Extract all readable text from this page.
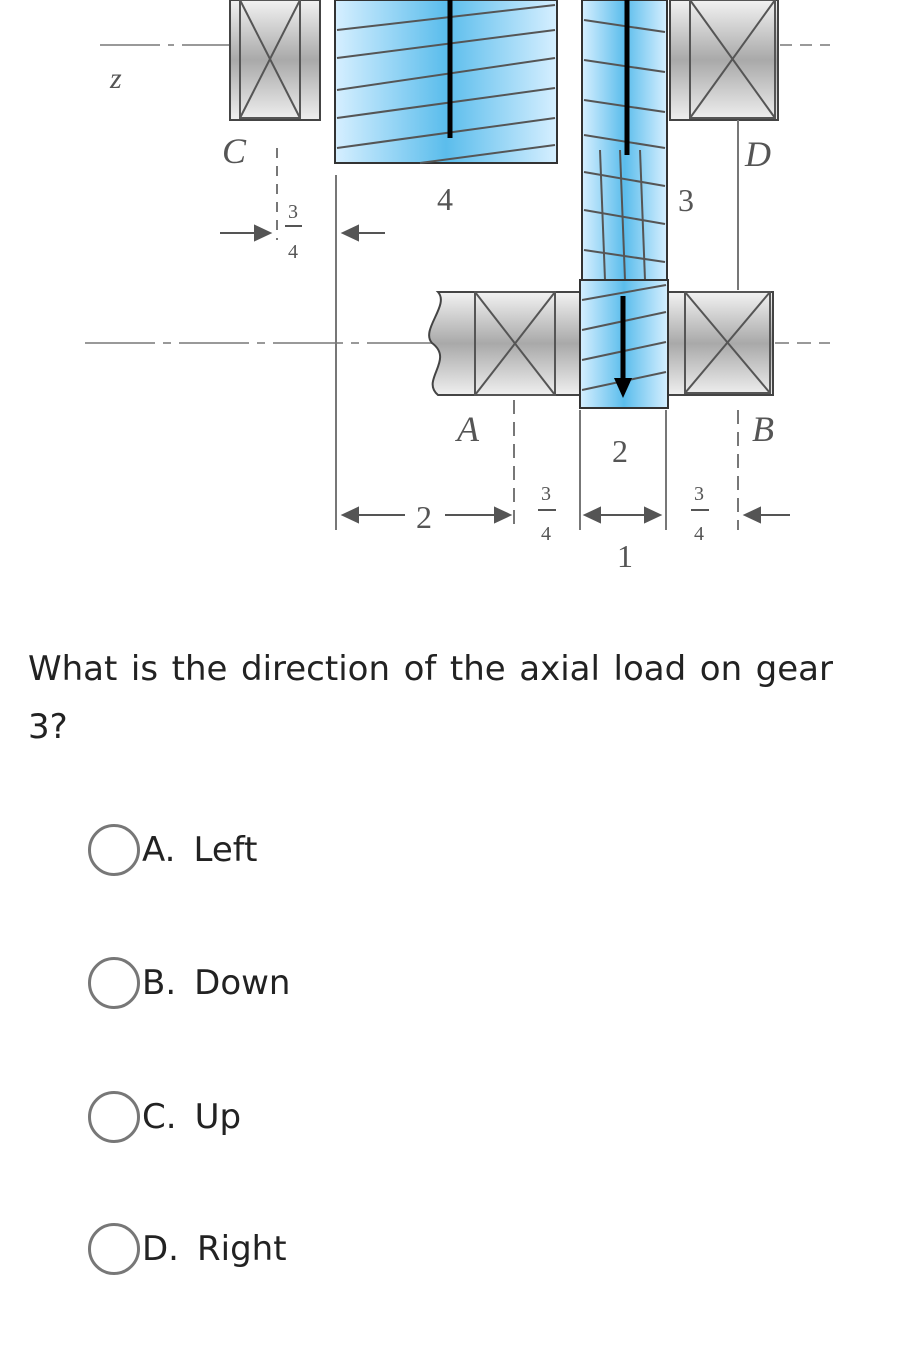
z
C	D
A	B
4	3
2
2
1
3
4
3
4
3
4
What is the direction of the axial load on gear 3?
A. Left
B. Down
C. Up
D. Right
